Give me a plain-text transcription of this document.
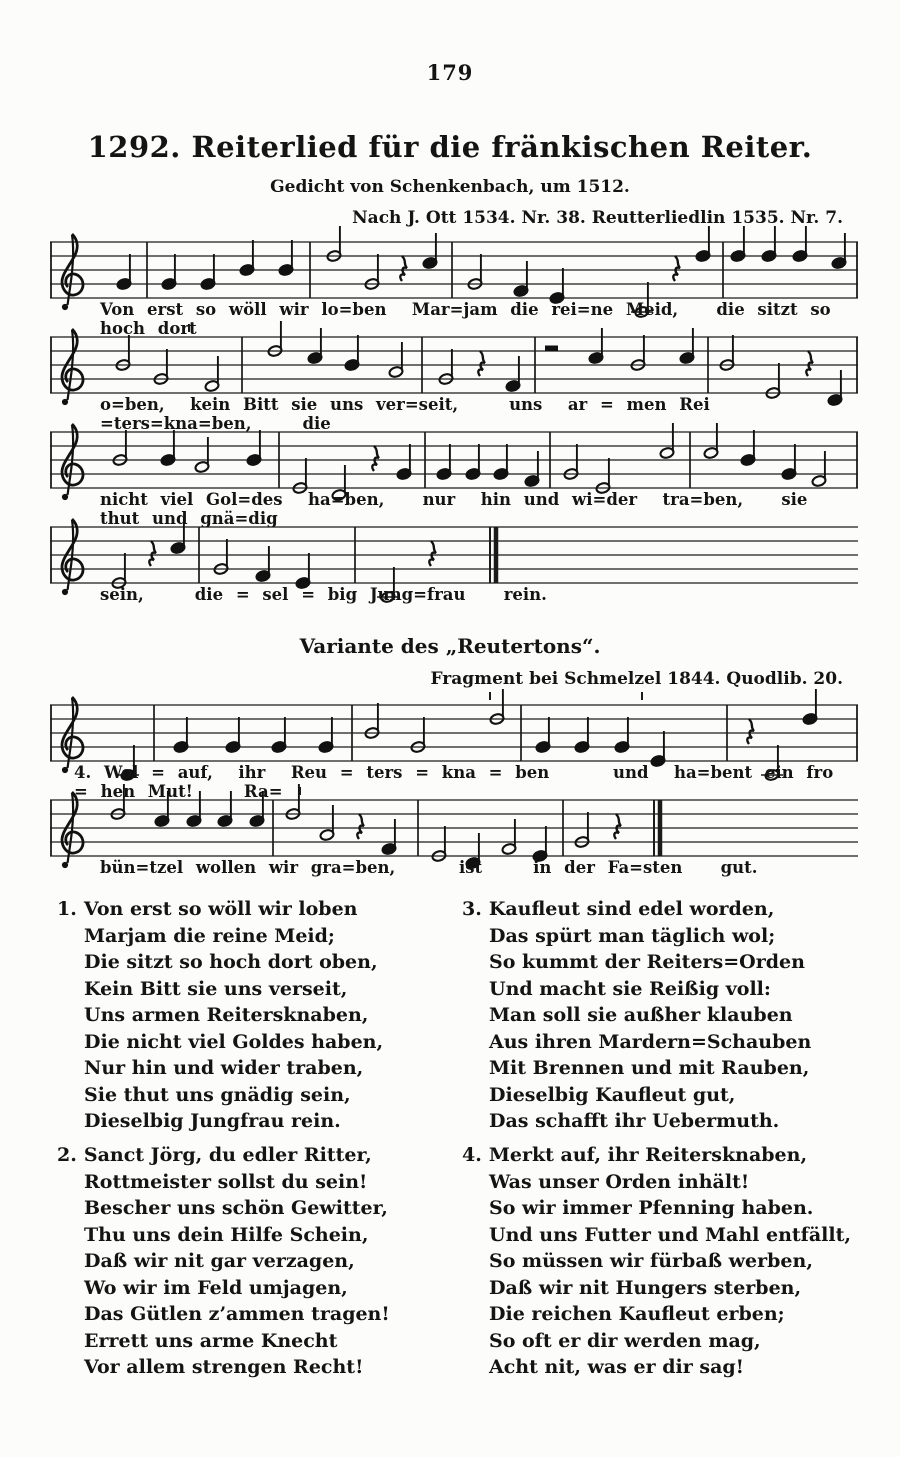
179
1292. Reiterlied für die fränkischen Reiter.
Gedicht von Schenkenbach, um 1512.
Nach J. Ott 1534. Nr. 38. Reutterliedlin 1535. Nr. 7.
Von erst so wöll wir lo=ben  Mar=jam die rei=ne Meid,   die sitzt so hoch dort
o=ben,  kein Bitt sie uns ver=seit,    uns  ar = men Rei =ters=kna=ben,    die
nicht viel Gol=des  ha=ben,   nur  hin und wi=der  tra=ben,   sie  thut und gnä=dig
sein,    die = sel = big Jung=frau   rein.
Variante des „Reutertons“.
Fragment bei Schmelzel 1844. Quodlib. 20.
4. Wol = auf,  ihr  Reu = ters = kna = ben     und  ha=bent ein fro = hen Mut!    Ra=
bün=tzel wollen wir gra=ben,     ist    in der Fa=sten   gut.
1. Von erst so wöll wir loben
Marjam die reine Meid;
Die sitzt so hoch dort oben,
Kein Bitt sie uns verseit,
Uns armen Reitersknaben,
Die nicht viel Goldes haben,
Nur hin und wider traben,
Sie thut uns gnädig sein,
Dieselbig Jungfrau rein.
2. Sanct Jörg, du edler Ritter,
Rottmeister sollst du sein!
Bescher uns schön Gewitter,
Thu uns dein Hilfe Schein,
Daß wir nit gar verzagen,
Wo wir im Feld umjagen,
Das Gütlen z’ammen tragen!
Errett uns arme Knecht
Vor allem strengen Recht!
3. Kaufleut sind edel worden,
Das spürt man täglich wol;
So kummt der Reiters=Orden
Und macht sie Reißig voll:
Man soll sie außher klauben
Aus ihren Mardern=Schauben
Mit Brennen und mit Rauben,
Dieselbig Kaufleut gut,
Das schafft ihr Uebermuth.
4. Merkt auf, ihr Reitersknaben,
Was unser Orden inhält!
So wir immer Pfenning haben.
Und uns Futter und Mahl entfällt,
So müssen wir fürbaß werben,
Daß wir nit Hungers sterben,
Die reichen Kaufleut erben;
So oft er dir werden mag,
Acht nit, was er dir sag!
